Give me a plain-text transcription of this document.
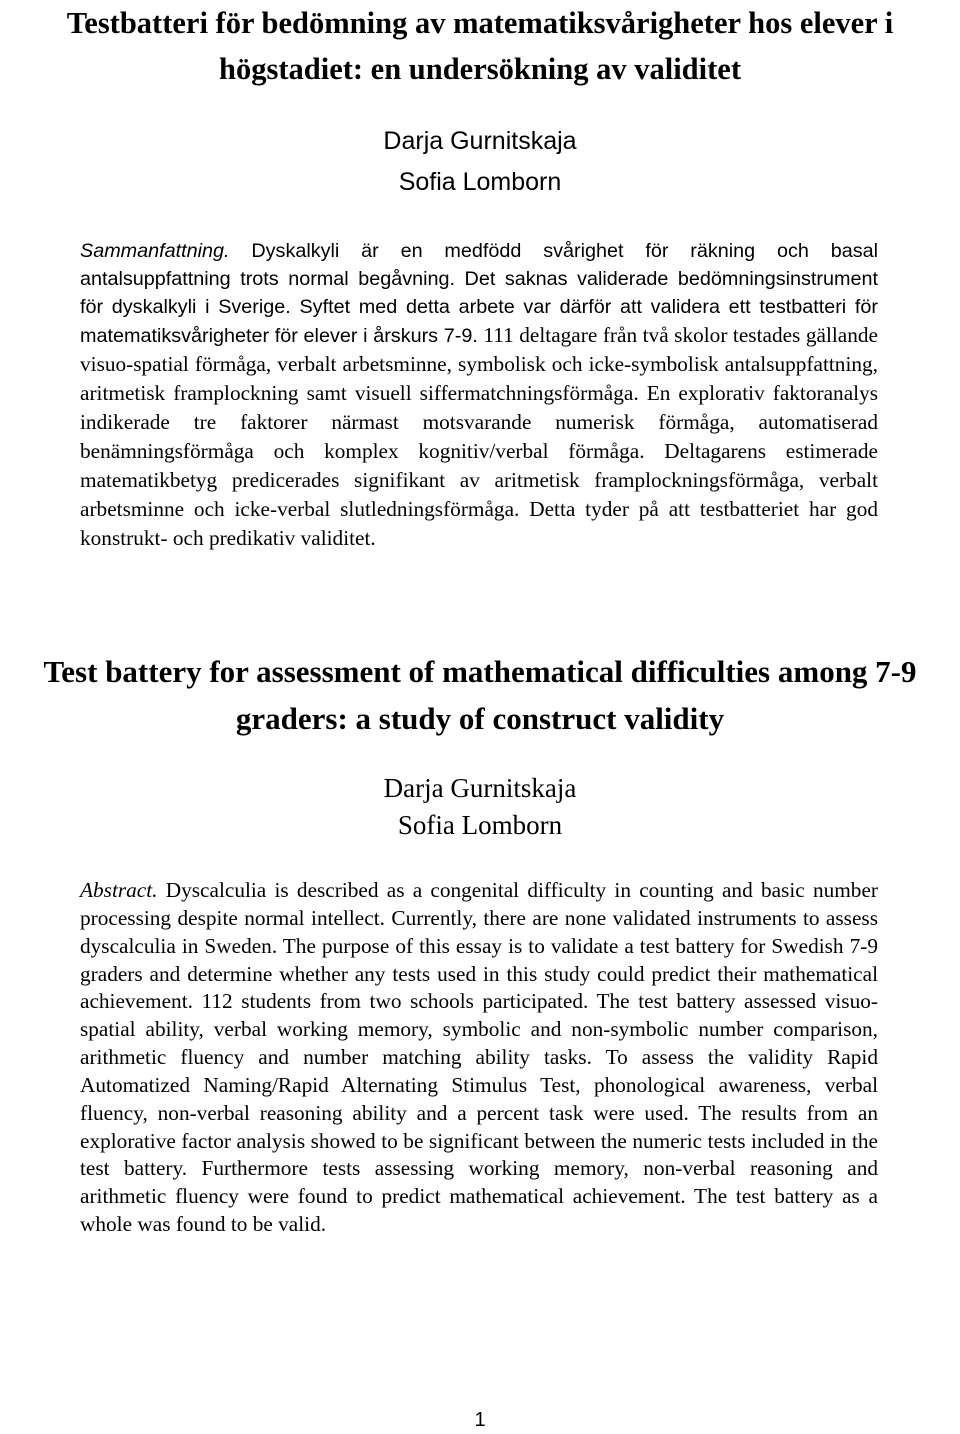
Testbatteri för bedömning av matematiksvårigheter hos elever i högstadiet: en undersökning av validitet
Darja Gurnitskaja
Sofia Lomborn

Sammanfattning. Dyskalkyli är en medfödd svårighet för räkning och basal antalsuppfattning trots normal begåvning. Det saknas validerade bedömningsinstrument för dyskalkyli i Sverige. Syftet med detta arbete var därför att validera ett testbatteri för matematiksvårigheter för elever i årskurs 7-9. 111 deltagare från två skolor testades gällande visuo-spatial förmåga, verbalt arbetsminne, symbolisk och icke-symbolisk antalsuppfattning, aritmetisk framplockning samt visuell siffermatchningsförmåga. En explorativ faktoranalys indikerade tre faktorer närmast motsvarande numerisk förmåga, automatiserad benämningsförmåga och komplex kognitiv/verbal förmåga. Deltagarens estimerade matematikbetyg predicerades signifikant av aritmetisk framplockningsförmåga, verbalt arbetsminne och icke-verbal slutledningsförmåga. Detta tyder på att testbatteriet har god konstrukt- och predikativ validitet.

Test battery for assessment of mathematical difficulties among 7-9 graders: a study of construct validity
Darja Gurnitskaja
Sofia Lomborn

Abstract. Dyscalculia is described as a congenital difficulty in counting and basic number processing despite normal intellect. Currently, there are none validated instruments to assess dyscalculia in Sweden. The purpose of this essay is to validate a test battery for Swedish 7-9 graders and determine whether any tests used in this study could predict their mathematical achievement. 112 students from two schools participated. The test battery assessed visuo-spatial ability, verbal working memory, symbolic and non-symbolic number comparison, arithmetic fluency and number matching ability tasks. To assess the validity Rapid Automatized Naming/Rapid Alternating Stimulus Test, phonological awareness, verbal fluency, non-verbal reasoning ability and a percent task were used. The results from an explorative factor analysis showed to be significant between the numeric tests included in the test battery. Furthermore tests assessing working memory, non-verbal reasoning and arithmetic fluency were found to predict mathematical achievement. The test battery as a whole was found to be valid.

1
